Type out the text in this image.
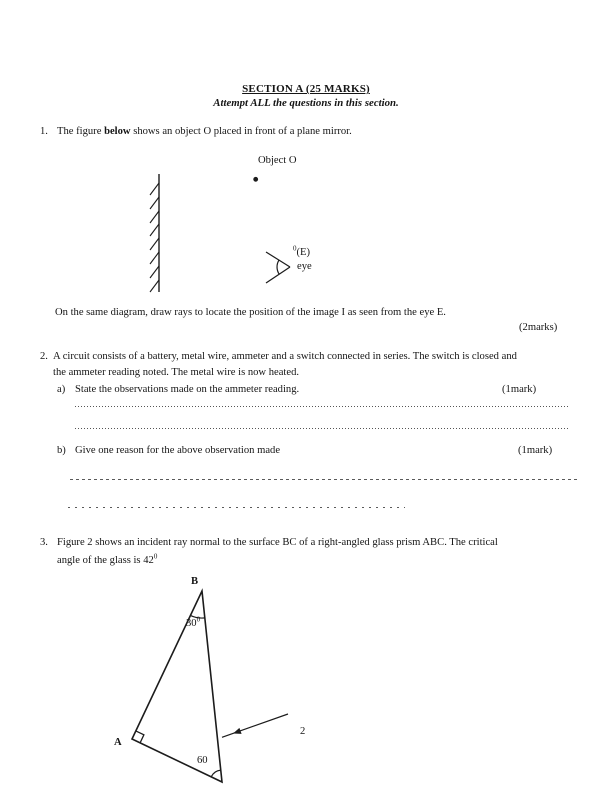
SECTION A (25 MARKS)
Attempt ALL the questions in this section.
1. The figure below shows an object O placed in front of a plane mirror.
Object O
$^0$(E)
eye
On the same diagram, draw rays to locate the position of the image I as seen from the eye E.
(2marks)
2. A circuit consists of a battery, metal wire, ammeter and a switch connected in series. The switch is closed and
the ammeter reading noted. The metal wire is now heated.
a) State the observations made on the ammeter reading.	(1mark)
b) Give one reason for the above observation made	(1mark)
3. Figure 2 shows an incident ray normal to the surface BC of a right-angled glass prism ABC. The critical
angle of the glass is $42^0$
B
$30^0$
A
60
2
